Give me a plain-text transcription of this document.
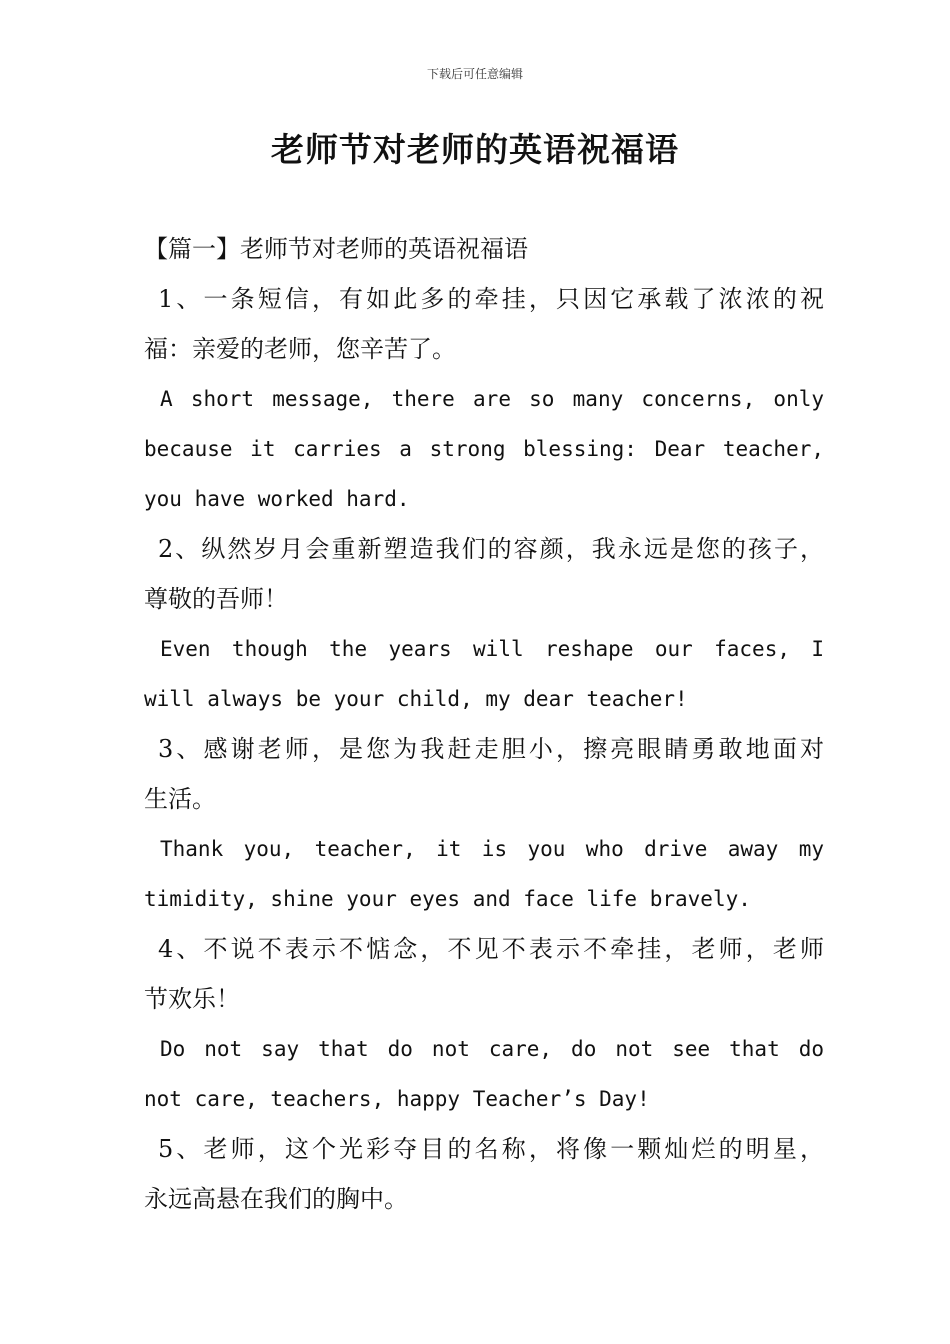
下载后可任意编辑
老师节对老师的英语祝福语
【篇一】老师节对老师的英语祝福语
1、一条短信，有如此多的牵挂，只因它承载了浓浓的祝
福：亲爱的老师，您辛苦了。
A short message, there are so many concerns, only
because it carries a strong blessing: Dear teacher,
you have worked hard.
2、纵然岁月会重新塑造我们的容颜，我永远是您的孩子，
尊敬的吾师！
Even though the years will reshape our faces, I
will always be your child, my dear teacher!
3、感谢老师，是您为我赶走胆小，擦亮眼睛勇敢地面对
生活。
Thank you, teacher, it is you who drive away my
timidity, shine your eyes and face life bravely.
4、不说不表示不惦念，不见不表示不牵挂，老师，老师
节欢乐！
Do not say that do not care, do not see that do
not care, teachers, happy Teacher’s Day!
5、老师，这个光彩夺目的名称，将像一颗灿烂的明星，
永远高悬在我们的胸中。
